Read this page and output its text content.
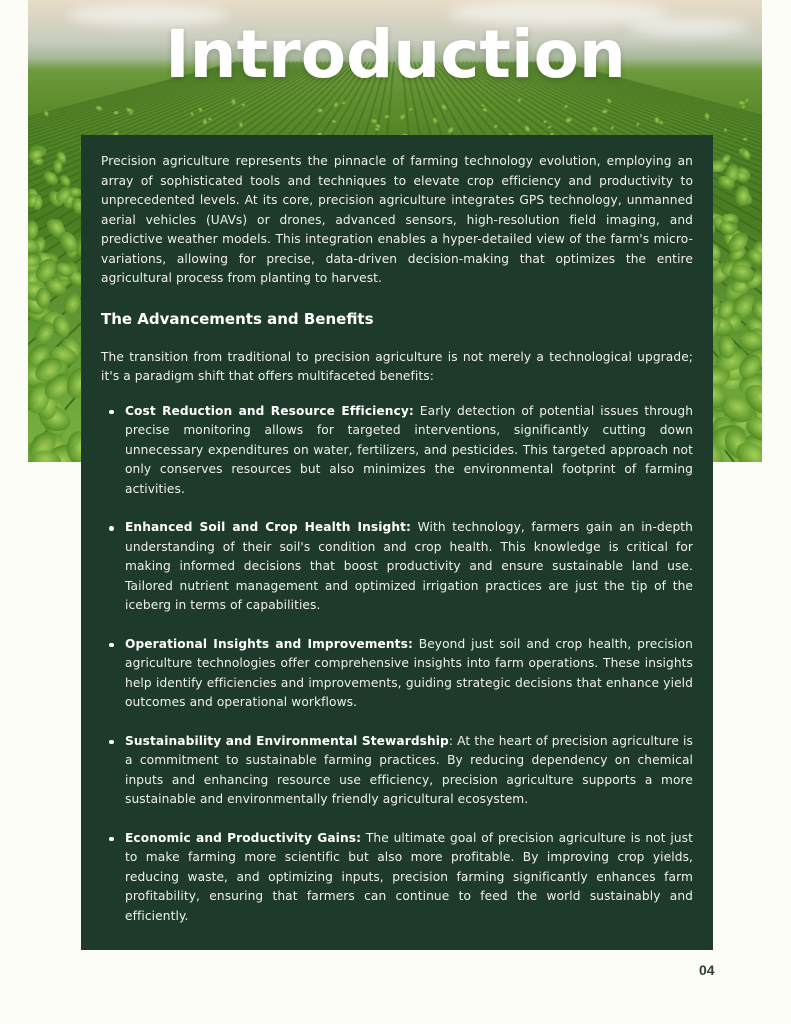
Introduction

Precision agriculture represents the pinnacle of farming technology evolution, employing an array of sophisticated tools and techniques to elevate crop efficiency and productivity to unprecedented levels. At its core, precision agriculture integrates GPS technology, unmanned aerial vehicles (UAVs) or drones, advanced sensors, high-resolution field imaging, and predictive weather models. This integration enables a hyper-detailed view of the farm's micro-variations, allowing for precise, data-driven decision-making that optimizes the entire agricultural process from planting to harvest.

The Advancements and Benefits

The transition from traditional to precision agriculture is not merely a technological upgrade; it's a paradigm shift that offers multifaceted benefits:

Cost Reduction and Resource Efficiency: Early detection of potential issues through precise monitoring allows for targeted interventions, significantly cutting down unnecessary expenditures on water, fertilizers, and pesticides. This targeted approach not only conserves resources but also minimizes the environmental footprint of farming activities.
Enhanced Soil and Crop Health Insight: With technology, farmers gain an in-depth understanding of their soil's condition and crop health. This knowledge is critical for making informed decisions that boost productivity and ensure sustainable land use. Tailored nutrient management and optimized irrigation practices are just the tip of the iceberg in terms of capabilities.
Operational Insights and Improvements: Beyond just soil and crop health, precision agriculture technologies offer comprehensive insights into farm operations. These insights help identify efficiencies and improvements, guiding strategic decisions that enhance yield outcomes and operational workflows.
Sustainability and Environmental Stewardship: At the heart of precision agriculture is a commitment to sustainable farming practices. By reducing dependency on chemical inputs and enhancing resource use efficiency, precision agriculture supports a more sustainable and environmentally friendly agricultural ecosystem.
Economic and Productivity Gains: The ultimate goal of precision agriculture is not just to make farming more scientific but also more profitable. By improving crop yields, reducing waste, and optimizing inputs, precision farming significantly enhances farm profitability, ensuring that farmers can continue to feed the world sustainably and efficiently.
04
